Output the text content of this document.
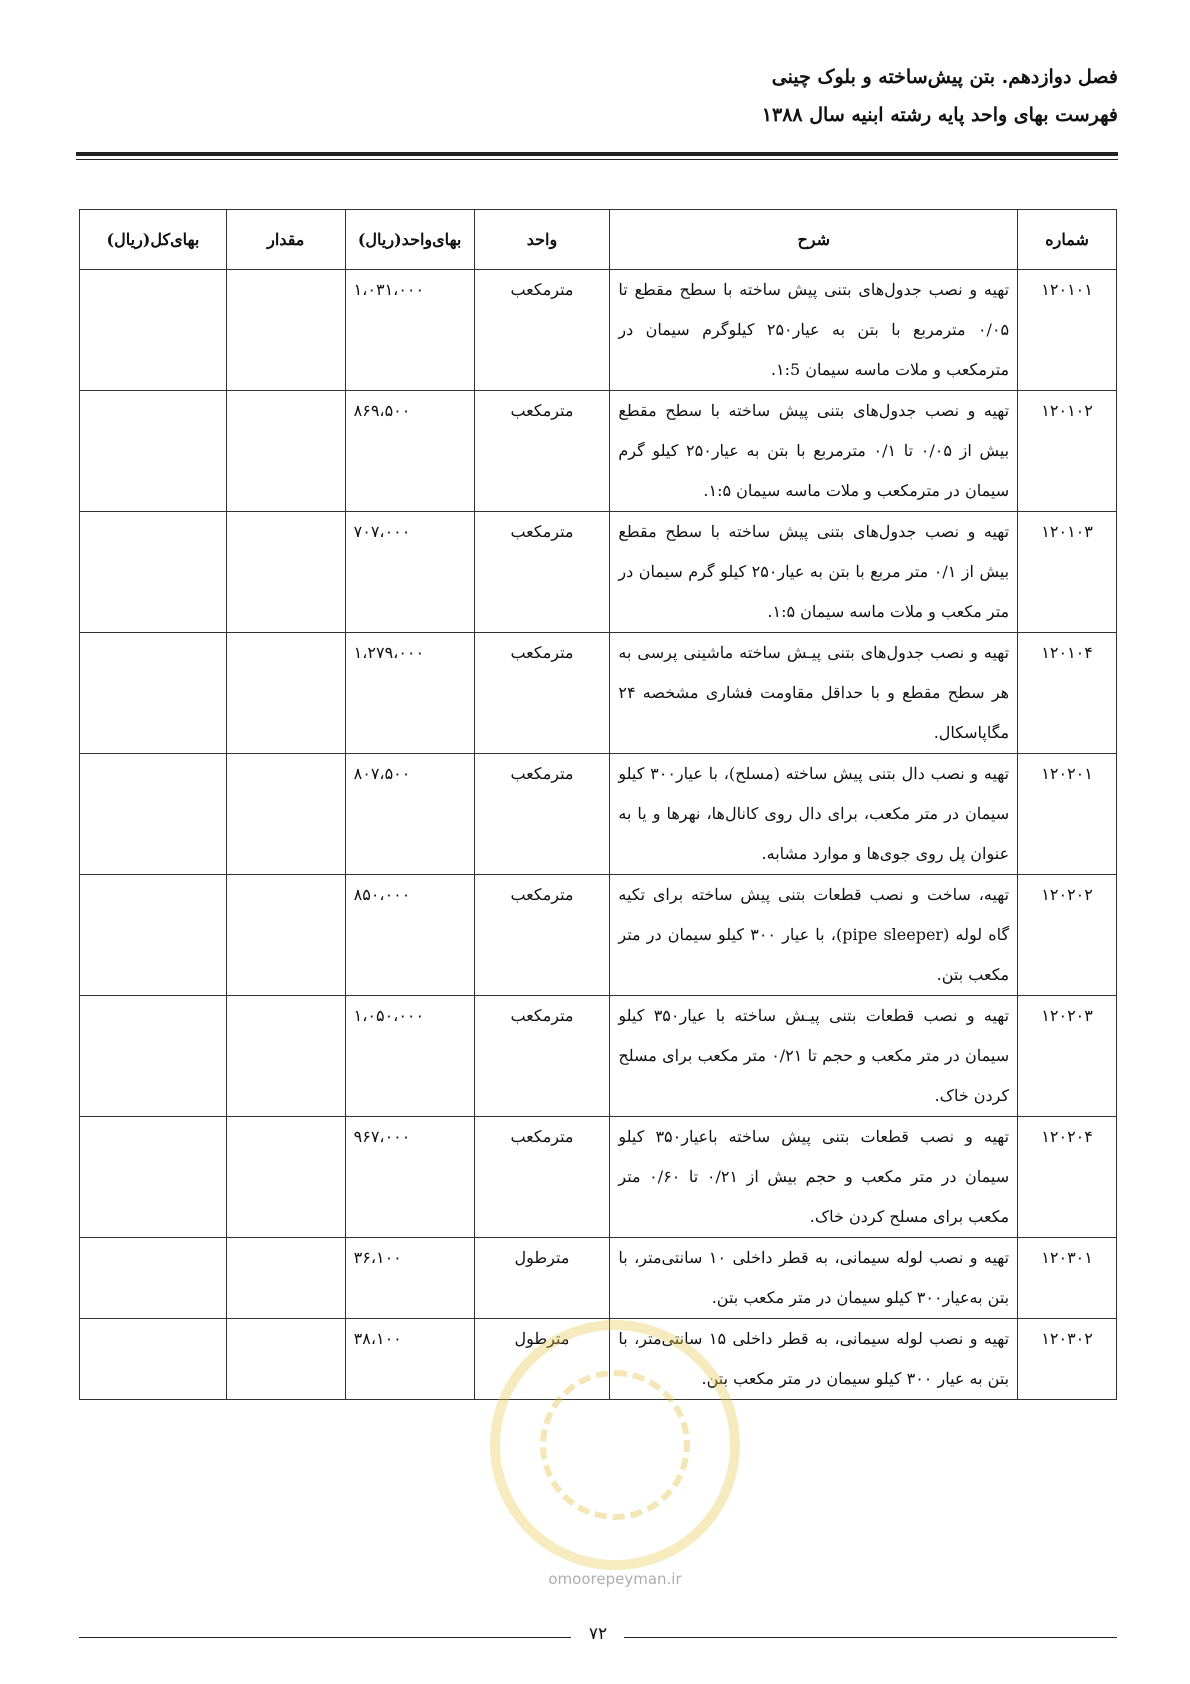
فصل دوازدهم. بتن پیش‌ساخته و بلوک چینی
فهرست بهای واحد پایه رشته ابنیه سال ۱۳۸۸
شماره	شرح	واحد	بهای‌واحد(ریال)	مقدار	بهای‌کل(ریال)
۱۲۰۱۰۱	تهیه و نصب جدول‌های بتنی پیش ساخته با سطح مقطع تا ۰/۰۵ مترمربع با بتن به عیار۲۵۰ کیلوگرم سیمان در مترمکعب و ملات ماسه سیمان ۱:5.	مترمکعب	۱،۰۳۱،۰۰۰		
۱۲۰۱۰۲	تهیه و نصب جدول‌های بتنی پیش ساخته با سطح مقطع بیش از ۰/۰۵ تا ۰/۱ مترمربع با بتن به عیار۲۵۰ کیلو گرم سیمان در مترمکعب و ملات ماسه سیمان ۱:۵.	مترمکعب	۸۶۹،۵۰۰		
۱۲۰۱۰۳	تهیه و نصب جدول‌های بتنی پیش ساخته با سطح مقطع بیش از ۰/۱ متر مربع با بتن به عیار۲۵۰ کیلو گرم سیمان در متر مکعب و ملات ماسه سیمان ۱:۵.	مترمکعب	۷۰۷،۰۰۰		
۱۲۰۱۰۴	تهیه و نصب جدول‌های بتنی پیـش ساخته ماشینی پرسی به هر سطح مقطع و با حداقل مقاومت فشاری مشخصه ۲۴ مگاپاسکال.	مترمکعب	۱،۲۷۹،۰۰۰		
۱۲۰۲۰۱	تهیه و نصب دال بتنی پیش ساخته (مسلح)، با عیار۳۰۰ کیلو سیمان در متر مکعب، برای دال روی کانال‌ها، نهرها و یا به عنوان پل روی جوی‌ها و موارد مشابه.	مترمکعب	۸۰۷،۵۰۰		
۱۲۰۲۰۲	تهیه، ساخت و نصب قطعات بتنی پیش ساخته برای تکیه گاه لوله (pipe sleeper)، با عیار ۳۰۰ کیلو سیمان در متر مکعب بتن.	مترمکعب	۸۵۰،۰۰۰		
۱۲۰۲۰۳	تهیه و نصب قطعات بتنی پیـش ساخته با عیار۳۵۰ کیلو سیمان در متر مکعب و حجم تا ۰/۲۱ متر مکعب برای مسلح کردن خاک.	مترمکعب	۱،۰۵۰،۰۰۰		
۱۲۰۲۰۴	تهیه و نصب قطعات بتنی پیش ساخته باعیار۳۵۰ کیلو سیمان در متر مکعب و حجم بیش از ۰/۲۱ تا ۰/۶۰ متر مکعب برای مسلح کردن خاک.	مترمکعب	۹۶۷،۰۰۰		
۱۲۰۳۰۱	تهیه و نصب لوله سیمانی، به قطر داخلی ۱۰ سانتی‌متر، با بتن به‌عیار۳۰۰ کیلو سیمان در متر مکعب بتن.	مترطول	۳۶،۱۰۰		
۱۲۰۳۰۲	تهیه و نصب لوله سیمانی، به قطر داخلی ۱۵ سانتی‌متر، با بتن به عیار ۳۰۰ کیلو سیمان در متر مکعب بتن.	مترطول	۳۸،۱۰۰		
omoorepeyman.ir
۷۲
